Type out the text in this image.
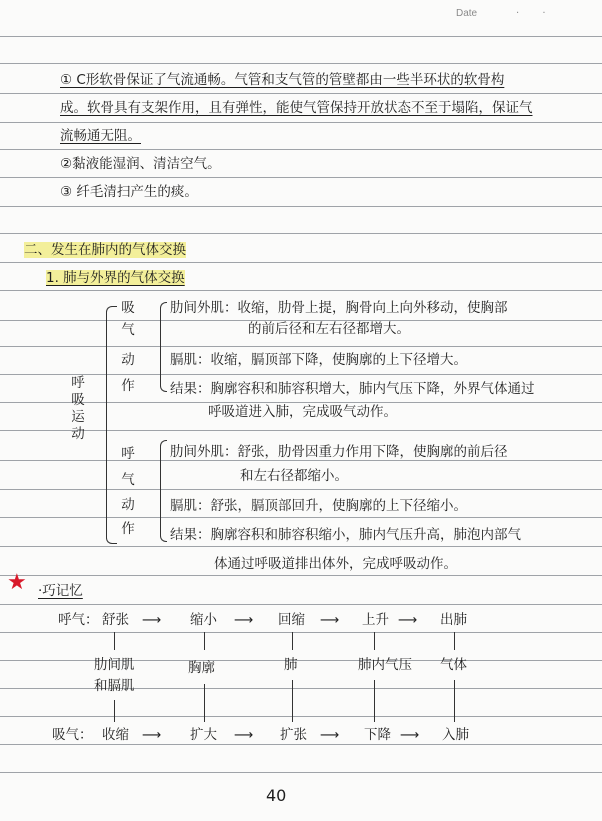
Date	· ·
① C形软骨保证了气流通畅。气管和支气管的管壁都由一些半环状的软骨构
成。软骨具有支架作用，且有弹性，能使气管保持开放状态不至于塌陷，保证气
流畅通无阻。
②黏液能湿润、清洁空气。
③ 纤毛清扫产生的痰。
二、发生在肺内的气体交换
1. 肺与外界的气体交换
呼
吸
运
动
吸
气
动
作
肋间外肌：收缩，肋骨上提，胸骨向上向外移动，使胸部
的前后径和左右径都增大。
膈肌：收缩，膈顶部下降，使胸廓的上下径增大。
结果：胸廓容积和肺容积增大，肺内气压下降，外界气体通过
呼吸道进入肺，完成吸气动作。
呼
气
动
作
肋间外肌：舒张，肋骨因重力作用下降，使胸廓的前后径
和左右径都缩小。
膈肌：舒张，膈顶部回升，使胸廓的上下径缩小。
结果：胸廓容积和肺容积缩小，肺内气压升高，肺泡内部气
体通过呼吸道排出体外，完成呼吸动作。
★ ·巧记忆
呼气： 舒张 ⟶ 缩小 ⟶ 回缩 ⟶ 上升 ⟶ 出肺
肋间肌
和膈肌
胸廓	肺	肺内气压 气体
吸气： 收缩 ⟶ 扩大 ⟶ 扩张 ⟶ 下降 ⟶ 入肺
40
